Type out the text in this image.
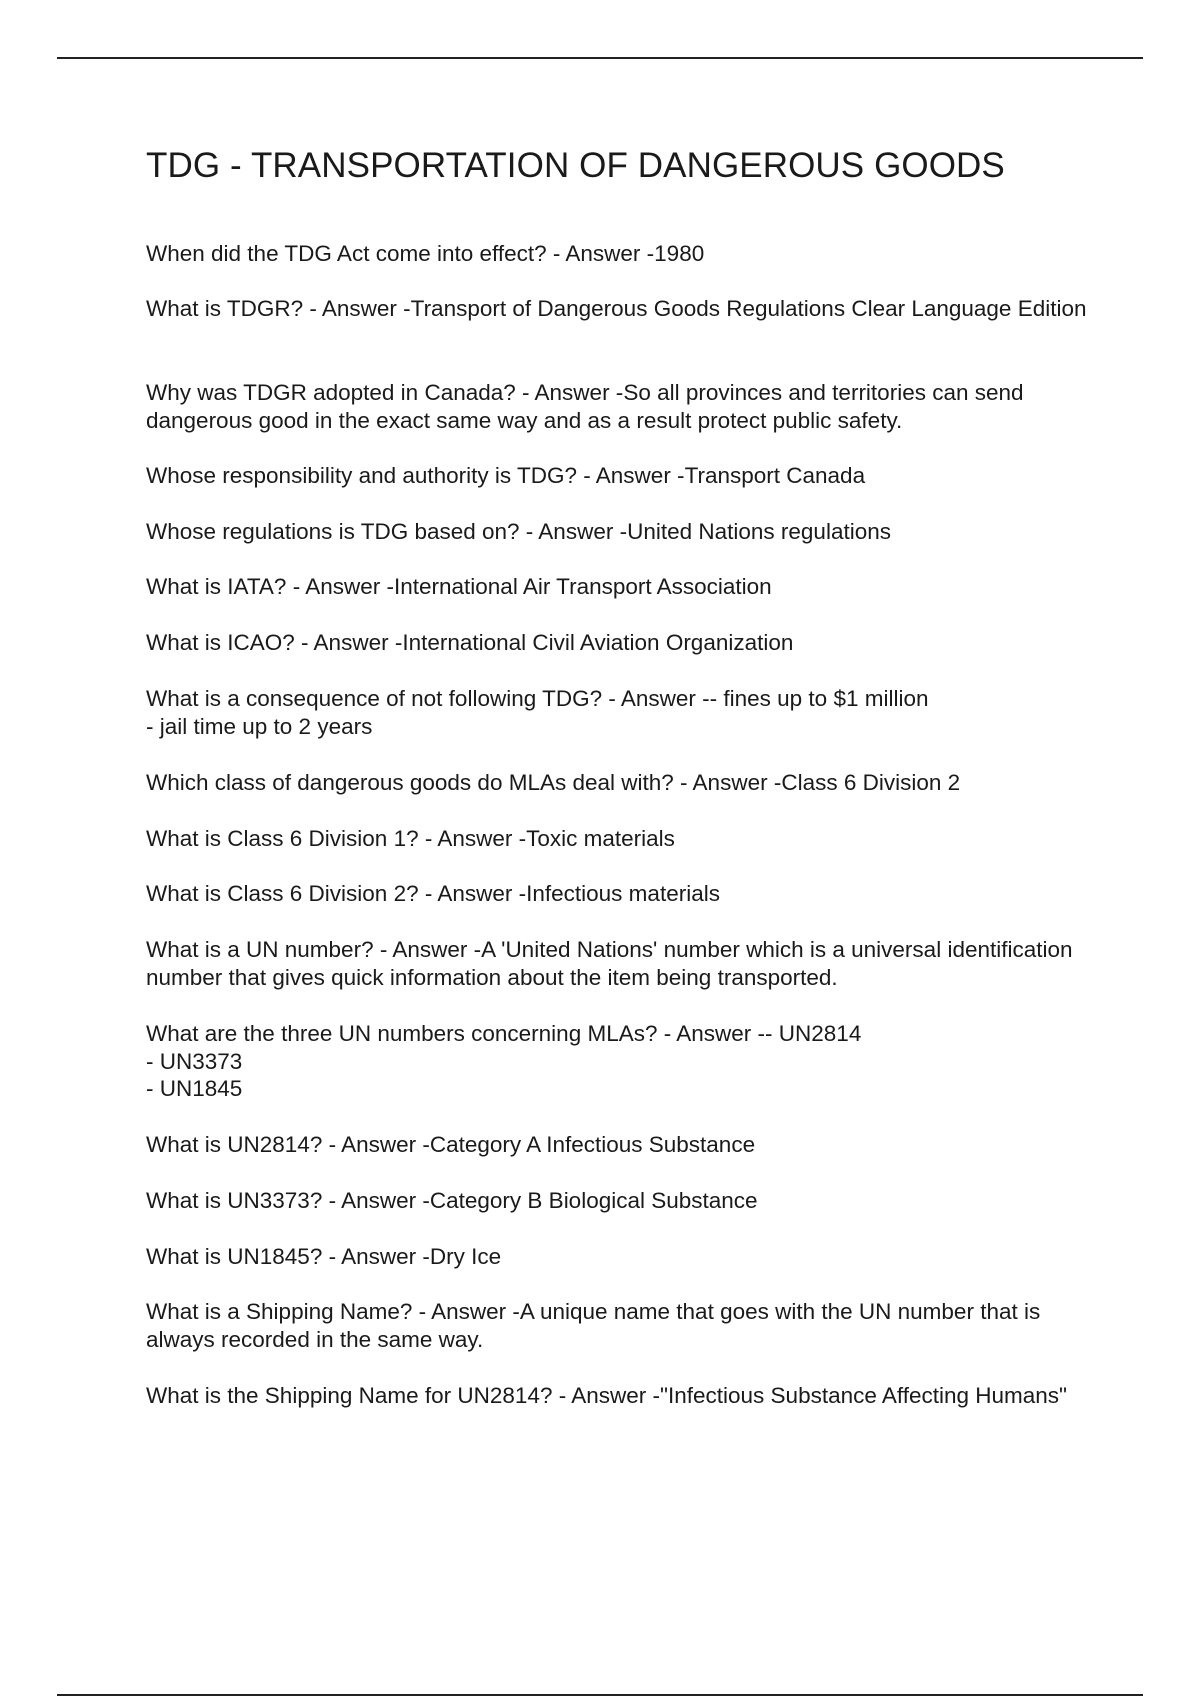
TDG - TRANSPORTATION OF DANGEROUS GOODS
When did the TDG Act come into effect? - Answer -1980
What is TDGR? - Answer -Transport of Dangerous Goods Regulations Clear Language Edition
Why was TDGR adopted in Canada? - Answer -So all provinces and territories can send dangerous good in the exact same way and as a result protect public safety.
Whose responsibility and authority is TDG? - Answer -Transport Canada
Whose regulations is TDG based on? - Answer -United Nations regulations
What is IATA? - Answer -International Air Transport Association
What is ICAO? - Answer -International Civil Aviation Organization
What is a consequence of not following TDG? - Answer -- fines up to $1 million
- jail time up to 2 years
Which class of dangerous goods do MLAs deal with? - Answer -Class 6 Division 2
What is Class 6 Division 1? - Answer -Toxic materials
What is Class 6 Division 2? - Answer -Infectious materials
What is a UN number? - Answer -A 'United Nations' number which is a universal identification number that gives quick information about the item being transported.
What are the three UN numbers concerning MLAs? - Answer -- UN2814
- UN3373
- UN1845
What is UN2814? - Answer -Category A Infectious Substance
What is UN3373? - Answer -Category B Biological Substance
What is UN1845? - Answer -Dry Ice
What is a Shipping Name? - Answer -A unique name that goes with the UN number that is always recorded in the same way.
What is the Shipping Name for UN2814? - Answer -"Infectious Substance Affecting Humans"
